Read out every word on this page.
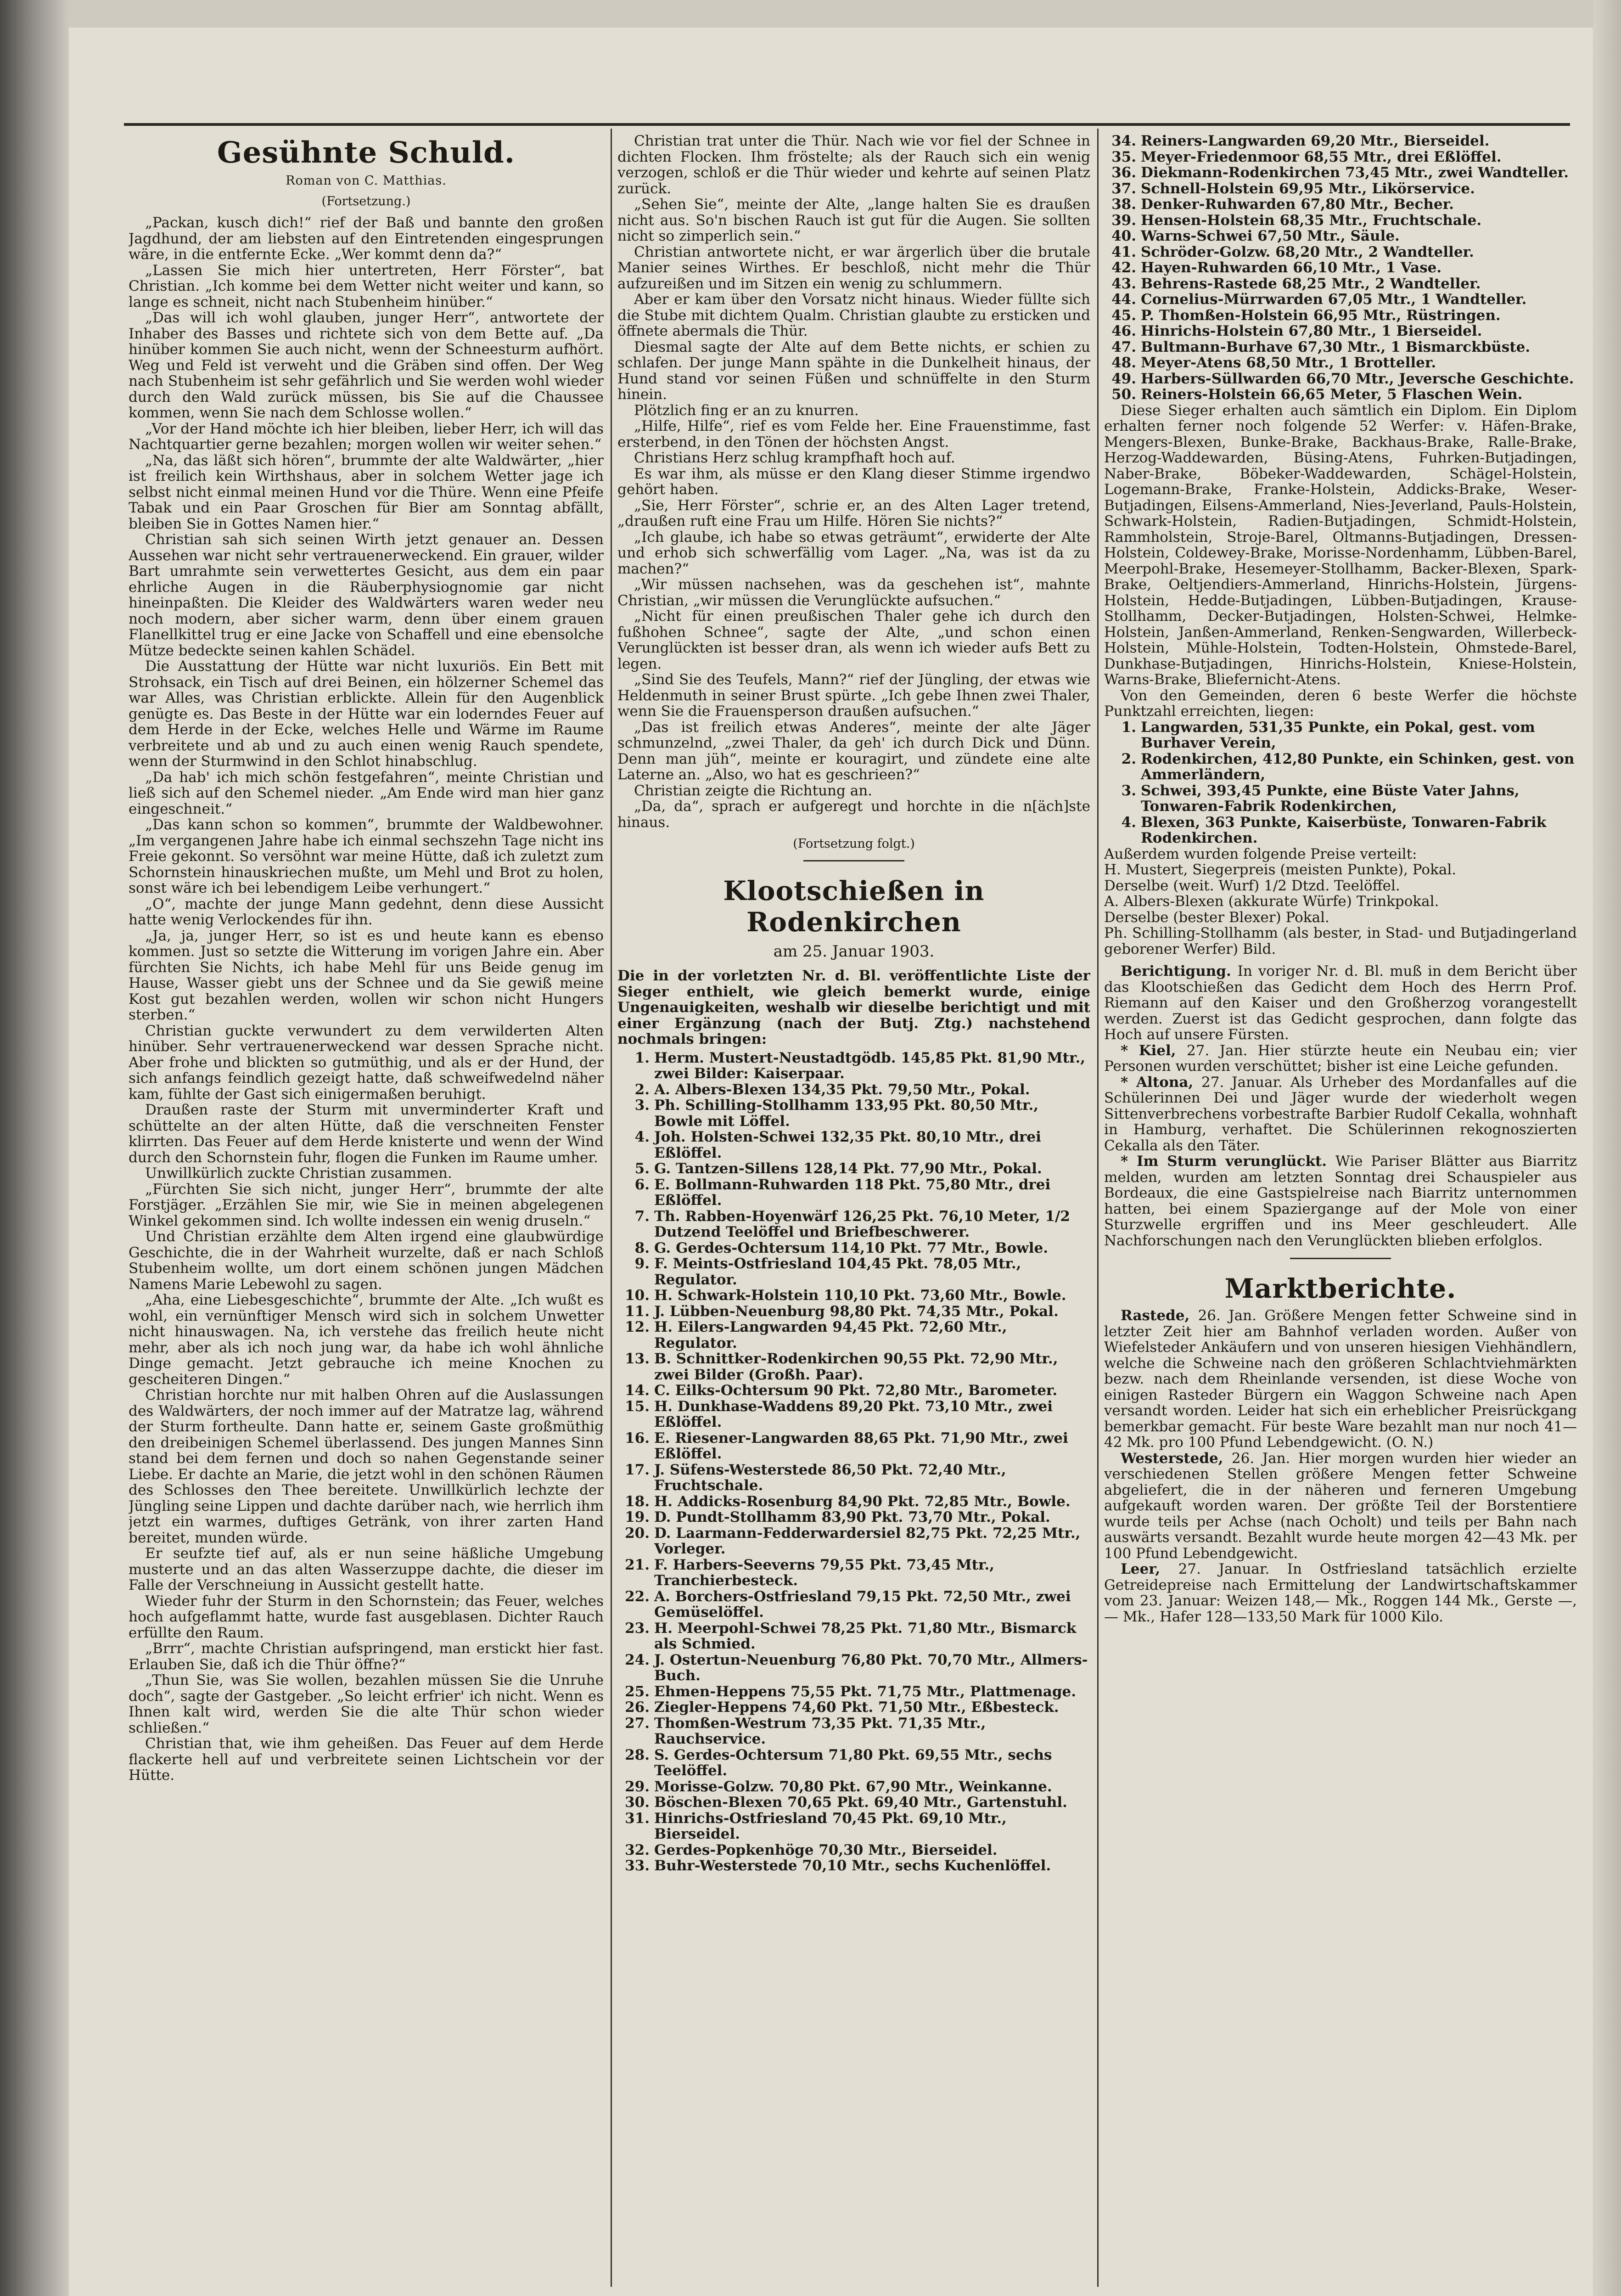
Gesühnte Schuld.
Roman von C. Matthias.
(Fortsetzung.)

„Packan, kusch dich!“ rief der Baß und bannte den großen Jagdhund, der am liebsten auf den Eintretenden eingesprungen wäre, in die entfernte Ecke. „Wer kommt denn da?“

„Lassen Sie mich hier untertreten, Herr Förster“, bat Christian. „Ich komme bei dem Wetter nicht weiter und kann, so lange es schneit, nicht nach Stubenheim hinüber.“

„Das will ich wohl glauben, junger Herr“, antwortete der Inhaber des Basses und richtete sich von dem Bette auf. „Da hinüber kommen Sie auch nicht, wenn der Schneesturm aufhört. Weg und Feld ist verweht und die Gräben sind offen. Der Weg nach Stubenheim ist sehr gefährlich und Sie werden wohl wieder durch den Wald zurück müssen, bis Sie auf die Chaussee kommen, wenn Sie nach dem Schlosse wollen.“

„Vor der Hand möchte ich hier bleiben, lieber Herr, ich will das Nachtquartier gerne bezahlen; morgen wollen wir weiter sehen.“

„Na, das läßt sich hören“, brummte der alte Waldwärter, „hier ist freilich kein Wirthshaus, aber in solchem Wetter jage ich selbst nicht einmal meinen Hund vor die Thüre. Wenn eine Pfeife Tabak und ein Paar Groschen für Bier am Sonntag abfällt, bleiben Sie in Gottes Namen hier.“

Christian sah sich seinen Wirth jetzt genauer an. Dessen Aussehen war nicht sehr vertrauenerweckend. Ein grauer, wilder Bart umrahmte sein verwettertes Gesicht, aus dem ein paar ehrliche Augen in die Räuberphysiognomie gar nicht hineinpaßten. Die Kleider des Waldwärters waren weder neu noch modern, aber sicher warm, denn über einem grauen Flanellkittel trug er eine Jacke von Schaffell und eine ebensolche Mütze bedeckte seinen kahlen Schädel.

Die Ausstattung der Hütte war nicht luxuriös. Ein Bett mit Strohsack, ein Tisch auf drei Beinen, ein hölzerner Schemel das war Alles, was Christian erblickte. Allein für den Augenblick genügte es. Das Beste in der Hütte war ein loderndes Feuer auf dem Herde in der Ecke, welches Helle und Wärme im Raume verbreitete und ab und zu auch einen wenig Rauch spendete, wenn der Sturmwind in den Schlot hinabschlug.

„Da hab' ich mich schön festgefahren“, meinte Christian und ließ sich auf den Schemel nieder. „Am Ende wird man hier ganz eingeschneit.“

„Das kann schon so kommen“, brummte der Waldbewohner. „Im vergangenen Jahre habe ich einmal sechszehn Tage nicht ins Freie gekonnt. So versöhnt war meine Hütte, daß ich zuletzt zum Schornstein hinauskriechen mußte, um Mehl und Brot zu holen, sonst wäre ich bei lebendigem Leibe verhungert.“

„O“, machte der junge Mann gedehnt, denn diese Aussicht hatte wenig Verlockendes für ihn.

„Ja, ja, junger Herr, so ist es und heute kann es ebenso kommen. Just so setzte die Witterung im vorigen Jahre ein. Aber fürchten Sie Nichts, ich habe Mehl für uns Beide genug im Hause, Wasser giebt uns der Schnee und da Sie gewiß meine Kost gut bezahlen werden, wollen wir schon nicht Hungers sterben.“

Christian guckte verwundert zu dem verwilderten Alten hinüber. Sehr vertrauenerweckend war dessen Sprache nicht. Aber frohe und blickten so gutmüthig, und als er der Hund, der sich anfangs feindlich gezeigt hatte, daß schweifwedelnd näher kam, fühlte der Gast sich einigermaßen beruhigt.

Draußen raste der Sturm mit unverminderter Kraft und schüttelte an der alten Hütte, daß die verschneiten Fenster klirrten. Das Feuer auf dem Herde knisterte und wenn der Wind durch den Schornstein fuhr, flogen die Funken im Raume umher.

Unwillkürlich zuckte Christian zusammen.

„Fürchten Sie sich nicht, junger Herr“, brummte der alte Forstjäger. „Erzählen Sie mir, wie Sie in meinen abgelegenen Winkel gekommen sind. Ich wollte indessen ein wenig druseln.“

Und Christian erzählte dem Alten irgend eine glaubwürdige Geschichte, die in der Wahrheit wurzelte, daß er nach Schloß Stubenheim wollte, um dort einem schönen jungen Mädchen Namens Marie Lebewohl zu sagen.

„Aha, eine Liebesgeschichte“, brummte der Alte. „Ich wußt es wohl, ein vernünftiger Mensch wird sich in solchem Unwetter nicht hinauswagen. Na, ich verstehe das freilich heute nicht mehr, aber als ich noch jung war, da habe ich wohl ähnliche Dinge gemacht. Jetzt gebrauche ich meine Knochen zu gescheiteren Dingen.“

Christian horchte nur mit halben Ohren auf die Auslassungen des Waldwärters, der noch immer auf der Matratze lag, während der Sturm fortheulte. Dann hatte er, seinem Gaste großmüthig den dreibeinigen Schemel überlassend. Des jungen Mannes Sinn stand bei dem fernen und doch so nahen Gegenstande seiner Liebe. Er dachte an Marie, die jetzt wohl in den schönen Räumen des Schlosses den Thee bereitete. Unwillkürlich lechzte der Jüngling seine Lippen und dachte darüber nach, wie herrlich ihm jetzt ein warmes, duftiges Getränk, von ihrer zarten Hand bereitet, munden würde.

Er seufzte tief auf, als er nun seine häßliche Umgebung musterte und an das alten Wasserzuppe dachte, die dieser im Falle der Verschneiung in Aussicht gestellt hatte.

Wieder fuhr der Sturm in den Schornstein; das Feuer, welches hoch aufgeflammt hatte, wurde fast ausgeblasen. Dichter Rauch erfüllte den Raum.

„Brrr“, machte Christian aufspringend, man erstickt hier fast. Erlauben Sie, daß ich die Thür öffne?“

„Thun Sie, was Sie wollen, bezahlen müssen Sie die Unruhe doch“, sagte der Gastgeber. „So leicht erfrier' ich nicht. Wenn es Ihnen kalt wird, werden Sie die alte Thür schon wieder schließen.“

Christian that, wie ihm geheißen. Das Feuer auf dem Herde flackerte hell auf und verbreitete seinen Lichtschein vor der Hütte.

Christian trat unter die Thür. Nach wie vor fiel der Schnee in dichten Flocken. Ihm fröstelte; als der Rauch sich ein wenig verzogen, schloß er die Thür wieder und kehrte auf seinen Platz zurück.

„Sehen Sie“, meinte der Alte, „lange halten Sie es draußen nicht aus. So'n bischen Rauch ist gut für die Augen. Sie sollten nicht so zimperlich sein.“

Christian antwortete nicht, er war ärgerlich über die brutale Manier seines Wirthes. Er beschloß, nicht mehr die Thür aufzureißen und im Sitzen ein wenig zu schlummern.

Aber er kam über den Vorsatz nicht hinaus. Wieder füllte sich die Stube mit dichtem Qualm. Christian glaubte zu ersticken und öffnete abermals die Thür.

Diesmal sagte der Alte auf dem Bette nichts, er schien zu schlafen. Der junge Mann spähte in die Dunkelheit hinaus, der Hund stand vor seinen Füßen und schnüffelte in den Sturm hinein.

Plötzlich fing er an zu knurren.

„Hilfe, Hilfe“, rief es vom Felde her. Eine Frauenstimme, fast ersterbend, in den Tönen der höchsten Angst.

Christians Herz schlug krampfhaft hoch auf.

Es war ihm, als müsse er den Klang dieser Stimme irgendwo gehört haben.

„Sie, Herr Förster“, schrie er, an des Alten Lager tretend, „draußen ruft eine Frau um Hilfe. Hören Sie nichts?“

„Ich glaube, ich habe so etwas geträumt“, erwiderte der Alte und erhob sich schwerfällig vom Lager. „Na, was ist da zu machen?“

„Wir müssen nachsehen, was da geschehen ist“, mahnte Christian, „wir müssen die Verunglückte aufsuchen.“

„Nicht für einen preußischen Thaler gehe ich durch den fußhohen Schnee“, sagte der Alte, „und schon einen Verunglückten ist besser dran, als wenn ich wieder aufs Bett zu legen.

„Sind Sie des Teufels, Mann?“ rief der Jüngling, der etwas wie Heldenmuth in seiner Brust spürte. „Ich gebe Ihnen zwei Thaler, wenn Sie die Frauensperson draußen aufsuchen.“

„Das ist freilich etwas Anderes“, meinte der alte Jäger schmunzelnd, „zwei Thaler, da geh' ich durch Dick und Dünn. Denn man jüh“, meinte er kouragirt, und zündete eine alte Laterne an. „Also, wo hat es geschrieen?“

Christian zeigte die Richtung an.

„Da, da“, sprach er aufgeregt und horchte in die n[äch]ste hinaus.

(Fortsetzung folgt.)
Klootschießen in Rodenkirchen
am 25. Januar 1903.

Die in der vorletzten Nr. d. Bl. veröffentlichte Liste der Sieger enthielt, wie gleich bemerkt wurde, einige Ungenauigkeiten, weshalb wir dieselbe berichtigt und mit einer Ergänzung (nach der Butj. Ztg.) nachstehend nochmals bringen:

1. Herm. Mustert-Neustadtgödb. 145,85 Pkt. 81,90 Mtr., zwei Bilder: Kaiserpaar.
2. A. Albers-Blexen 134,35 Pkt. 79,50 Mtr., Pokal.
3. Ph. Schilling-Stollhamm 133,95 Pkt. 80,50 Mtr., Bowle mit Löffel.
4. Joh. Holsten-Schwei 132,35 Pkt. 80,10 Mtr., drei Eßlöffel.
5. G. Tantzen-Sillens 128,14 Pkt. 77,90 Mtr., Pokal.
6. E. Bollmann-Ruhwarden 118 Pkt. 75,80 Mtr., drei Eßlöffel.
7. Th. Rabben-Hoyenwärf 126,25 Pkt. 76,10 Meter, 1/2 Dutzend Teelöffel und Briefbeschwerer.
8. G. Gerdes-Ochtersum 114,10 Pkt. 77 Mtr., Bowle.
9. F. Meints-Ostfriesland 104,45 Pkt. 78,05 Mtr., Regulator.
10. H. Schwark-Holstein 110,10 Pkt. 73,60 Mtr., Bowle.
11. J. Lübben-Neuenburg 98,80 Pkt. 74,35 Mtr., Pokal.
12. H. Eilers-Langwarden 94,45 Pkt. 72,60 Mtr., Regulator.
13. B. Schnittker-Rodenkirchen 90,55 Pkt. 72,90 Mtr., zwei Bilder (Großh. Paar).
14. C. Eilks-Ochtersum 90 Pkt. 72,80 Mtr., Barometer.
15. H. Dunkhase-Waddens 89,20 Pkt. 73,10 Mtr., zwei Eßlöffel.
16. E. Riesener-Langwarden 88,65 Pkt. 71,90 Mtr., zwei Eßlöffel.
17. J. Süfens-Westerstede 86,50 Pkt. 72,40 Mtr., Fruchtschale.
18. H. Addicks-Rosenburg 84,90 Pkt. 72,85 Mtr., Bowle.
19. D. Pundt-Stollhamm 83,90 Pkt. 73,70 Mtr., Pokal.
20. D. Laarmann-Fedderwardersiel 82,75 Pkt. 72,25 Mtr., Vorleger.
21. F. Harbers-Seeverns 79,55 Pkt. 73,45 Mtr., Tranchierbesteck.
22. A. Borchers-Ostfriesland 79,15 Pkt. 72,50 Mtr., zwei Gemüselöffel.
23. H. Meerpohl-Schwei 78,25 Pkt. 71,80 Mtr., Bismarck als Schmied.
24. J. Ostertun-Neuenburg 76,80 Pkt. 70,70 Mtr., Allmers-Buch.
25. Ehmen-Heppens 75,55 Pkt. 71,75 Mtr., Plattmenage.
26. Ziegler-Heppens 74,60 Pkt. 71,50 Mtr., Eßbesteck.
27. Thomßen-Westrum 73,35 Pkt. 71,35 Mtr., Rauchservice.
28. S. Gerdes-Ochtersum 71,80 Pkt. 69,55 Mtr., sechs Teelöffel.
29. Morisse-Golzw. 70,80 Pkt. 67,90 Mtr., Weinkanne.
30. Böschen-Blexen 70,65 Pkt. 69,40 Mtr., Gartenstuhl.
31. Hinrichs-Ostfriesland 70,45 Pkt. 69,10 Mtr., Bierseidel.
32. Gerdes-Popkenhöge 70,30 Mtr., Bierseidel.
33. Buhr-Westerstede 70,10 Mtr., sechs Kuchenlöffel.
34. Reiners-Langwarden 69,20 Mtr., Bierseidel.
35. Meyer-Friedenmoor 68,55 Mtr., drei Eßlöffel.
36. Diekmann-Rodenkirchen 73,45 Mtr., zwei Wandteller.
37. Schnell-Holstein 69,95 Mtr., Likörservice.
38. Denker-Ruhwarden 67,80 Mtr., Becher.
39. Hensen-Holstein 68,35 Mtr., Fruchtschale.
40. Warns-Schwei 67,50 Mtr., Säule.
41. Schröder-Golzw. 68,20 Mtr., 2 Wandteller.
42. Hayen-Ruhwarden 66,10 Mtr., 1 Vase.
43. Behrens-Rastede 68,25 Mtr., 2 Wandteller.
44. Cornelius-Mürrwarden 67,05 Mtr., 1 Wandteller.
45. P. Thomßen-Holstein 66,95 Mtr., Rüstringen.
46. Hinrichs-Holstein 67,80 Mtr., 1 Bierseidel.
47. Bultmann-Burhave 67,30 Mtr., 1 Bismarckbüste.
48. Meyer-Atens 68,50 Mtr., 1 Brotteller.
49. Harbers-Süllwarden 66,70 Mtr., Jeversche Geschichte.
50. Reiners-Holstein 66,65 Meter, 5 Flaschen Wein.

Diese Sieger erhalten auch sämtlich ein Diplom. Ein Diplom erhalten ferner noch folgende 52 Werfer: v. Häfen-Brake, Mengers-Blexen, Bunke-Brake, Backhaus-Brake, Ralle-Brake, Herzog-Waddewarden, Büsing-Atens, Fuhrken-Butjadingen, Naber-Brake, Böbeker-Waddewarden, Schägel-Holstein, Logemann-Brake, Franke-Holstein, Addicks-Brake, Weser-Butjadingen, Eilsens-Ammerland, Nies-Jeverland, Pauls-Holstein, Schwark-Holstein, Radien-Butjadingen, Schmidt-Holstein, Rammholstein, Stroje-Barel, Oltmanns-Butjadingen, Dressen-Holstein, Coldewey-Brake, Morisse-Nordenhamm, Lübben-Barel, Meerpohl-Brake, Hesemeyer-Stollhamm, Backer-Blexen, Spark-Brake, Oeltjendiers-Ammerland, Hinrichs-Holstein, Jürgens-Holstein, Hedde-Butjadingen, Lübben-Butjadingen, Krause-Stollhamm, Decker-Butjadingen, Holsten-Schwei, Helmke-Holstein, Janßen-Ammerland, Renken-Sengwarden, Willerbeck-Holstein, Mühle-Holstein, Todten-Holstein, Ohmstede-Barel, Dunkhase-Butjadingen, Hinrichs-Holstein, Kniese-Holstein, Warns-Brake, Bliefernicht-Atens.

Von den Gemeinden, deren 6 beste Werfer die höchste Punktzahl erreichten, liegen:

1. Langwarden, 531,35 Punkte, ein Pokal, gest. vom Burhaver Verein,
2. Rodenkirchen, 412,80 Punkte, ein Schinken, gest. von Ammerländern,
3. Schwei, 393,45 Punkte, eine Büste Vater Jahns, Tonwaren-Fabrik Rodenkirchen,
4. Blexen, 363 Punkte, Kaiserbüste, Tonwaren-Fabrik Rodenkirchen.

Außerdem wurden folgende Preise verteilt:

H. Mustert, Siegerpreis (meisten Punkte), Pokal.

Derselbe (weit. Wurf) 1/2 Dtzd. Teelöffel.

A. Albers-Blexen (akkurate Würfe) Trinkpokal.

Derselbe (bester Blexer) Pokal.

Ph. Schilling-Stollhamm (als bester, in Stad- und Butjadingerland geborener Werfer) Bild.

Berichtigung. In voriger Nr. d. Bl. muß in dem Bericht über das Klootschießen das Gedicht dem Hoch des Herrn Prof. Riemann auf den Kaiser und den Großherzog vorangestellt werden. Zuerst ist das Gedicht gesprochen, dann folgte das Hoch auf unsere Fürsten.

* Kiel, 27. Jan. Hier stürzte heute ein Neubau ein; vier Personen wurden verschüttet; bisher ist eine Leiche gefunden.

* Altona, 27. Januar. Als Urheber des Mordanfalles auf die Schülerinnen Dei und Jäger wurde der wiederholt wegen Sittenverbrechens vorbestrafte Barbier Rudolf Cekalla, wohnhaft in Hamburg, verhaftet. Die Schülerinnen rekognoszierten Cekalla als den Täter.

* Im Sturm verunglückt. Wie Pariser Blätter aus Biarritz melden, wurden am letzten Sonntag drei Schauspieler aus Bordeaux, die eine Gastspielreise nach Biarritz unternommen hatten, bei einem Spaziergange auf der Mole von einer Sturzwelle ergriffen und ins Meer geschleudert. Alle Nachforschungen nach den Verunglückten blieben erfolglos.

Marktberichte.

Rastede, 26. Jan. Größere Mengen fetter Schweine sind in letzter Zeit hier am Bahnhof verladen worden. Außer von Wiefelsteder Ankäufern und von unseren hiesigen Viehhändlern, welche die Schweine nach den größeren Schlachtviehmärkten bezw. nach dem Rheinlande versenden, ist diese Woche von einigen Rasteder Bürgern ein Waggon Schweine nach Apen versandt worden. Leider hat sich ein erheblicher Preisrückgang bemerkbar gemacht. Für beste Ware bezahlt man nur noch 41—42 Mk. pro 100 Pfund Lebendgewicht. (O. N.)

Westerstede, 26. Jan. Hier morgen wurden hier wieder an verschiedenen Stellen größere Mengen fetter Schweine abgeliefert, die in der näheren und ferneren Umgebung aufgekauft worden waren. Der größte Teil der Borstentiere wurde teils per Achse (nach Ocholt) und teils per Bahn nach auswärts versandt. Bezahlt wurde heute morgen 42—43 Mk. per 100 Pfund Lebendgewicht.

Leer, 27. Januar. In Ostfriesland tatsächlich erzielte Getreidepreise nach Ermittelung der Landwirtschaftskammer vom 23. Januar: Weizen 148,— Mk., Roggen 144 Mk., Gerste —,— Mk., Hafer 128—133,50 Mark für 1000 Kilo.
